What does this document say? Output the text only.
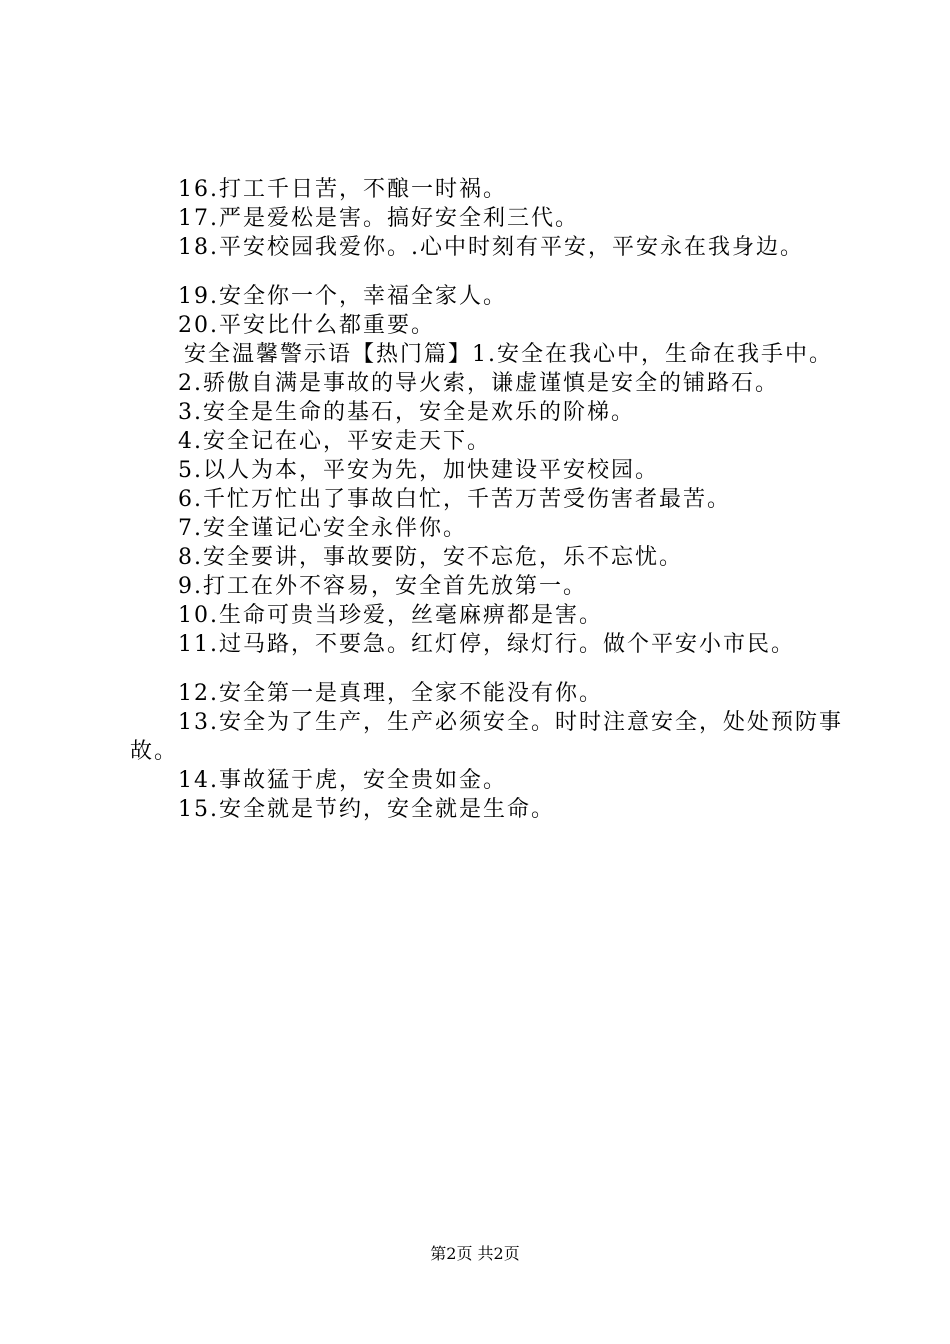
16.打工千日苦，不酿一时祸。
17.严是爱松是害。搞好安全利三代。
18.平安校园我爱你。.心中时刻有平安，平安永在我身边。
19.安全你一个，幸福全家人。
20.平安比什么都重要。
安全温馨警示语【热门篇】1.安全在我心中，生命在我手中。
2.骄傲自满是事故的导火索，谦虚谨慎是安全的铺路石。
3.安全是生命的基石，安全是欢乐的阶梯。
4.安全记在心，平安走天下。
5.以人为本，平安为先，加快建设平安校园。
6.千忙万忙出了事故白忙，千苦万苦受伤害者最苦。
7.安全谨记心安全永伴你。
8.安全要讲，事故要防，安不忘危，乐不忘忧。
9.打工在外不容易，安全首先放第一。
10.生命可贵当珍爱，丝毫麻痹都是害。
11.过马路，不要急。红灯停，绿灯行。做个平安小市民。
12.安全第一是真理，全家不能没有你。
13.安全为了生产，生产必须安全。时时注意安全，处处预防事故。
14.事故猛于虎，安全贵如金。
15.安全就是节约，安全就是生命。
第2页 共2页
